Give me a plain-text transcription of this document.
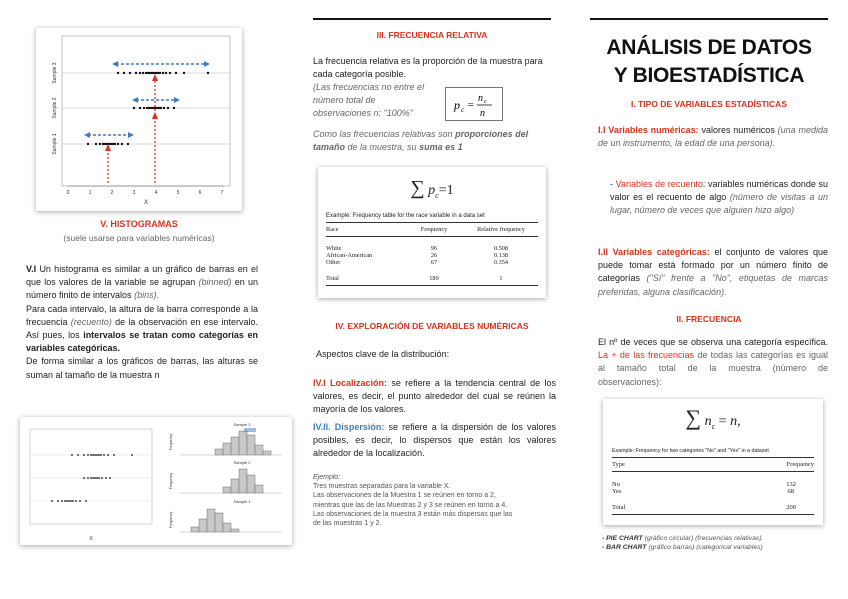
Sample 3
Sample 2
Sample 1
0	1	2	3	4	5	6	7
X
V. HISTOGRAMAS
(suele usarse para variables numéricas)
V.I Un histograma es similar a un gráfico de barras en el que los valores de la variable se agrupan (binned) en un número finito de intervalos (bins).
Para cada intervalo, la altura de la barra corresponde a la frecuencia (recuento) de la observación en ese intervalo. Así pues, los intervalos se tratan como categorías en variables categóricas.
De forma similar a los gráficos de barras, las alturas se suman al tamaño de la muestra n
X
Sample 3
Sample 2
Sample 1
Frequency
Frequency
Frequency
III. FRECUENCIA RELATIVA
La frecuencia relativa es la proporción de la muestra para cada categoría posible.
(Las frecuencias no entre el número total de observaciones n: "100%"
p c =
n c
n
Como las frecuencias relativas son proporciones del tamaño de la muestra, su suma es 1
∑ $p_c=1$
Example: Frequency table for the race variable in a data set
Race	Frequency	Relative frequency
White	96	0.508
African-American	26	0.138
Other	67	0.354
Total	189	1
IV. EXPLORACIÓN DE VARIABLES NUMÉRICAS
Aspectos clave de la distribución:
IV.I Localización: se refiere a la tendencia central de los valores, es decir, el punto alrededor del cual se reúnen la mayoría de los valores.
IV.II. Dispersión: se refiere a la dispersión de los valores posibles, es decir, lo dispersos que están los valores alrededor de la localización.
Ejemplo:
Tres muestras separadas para la variable X.
Las observaciones de la Muestra 1 se reúnen en torno a 2,
mientras que las de las Muestras 2 y 3 se reúnen en torno a 4.
Las observaciones de la muestra 3 están más dispersas que las
de las muestras 1 y 2.
ANÁLISIS DE DATOS
Y BIOESTADÍSTICA
I. TIPO DE VARIABLES ESTADÍSTICAS
I.I Variables numéricas: valores numéricos (una medida de un instrumento, la edad de una persona).
- Variables de recuento: variables numéricas donde su valor es el recuento de algo (número de visitas a un lugar, número de veces que alguien hizo algo)
I.II Variables categóricas: el conjunto de valores que puede tomar está formado por un número finito de categorías ("Sí" frente a "No", etiquetas de marcas preferidas, alguna clasificación).
II. FRECUENCIA
El nº de veces que se observa una categoría específica. La + de las frecuencias de todas las categorías es igual al tamaño total de la muestra (número de observaciones):
∑ $n_c = n$,
Example: Frequency for two categories "No" and "Yes" in a dataset
Type	Frequency
No	132
Yes	68
Total	200
- PIE CHART (gráfico circular) (frecuencias relativas)
- BAR CHART (gráfico barras) (categorical variables)
